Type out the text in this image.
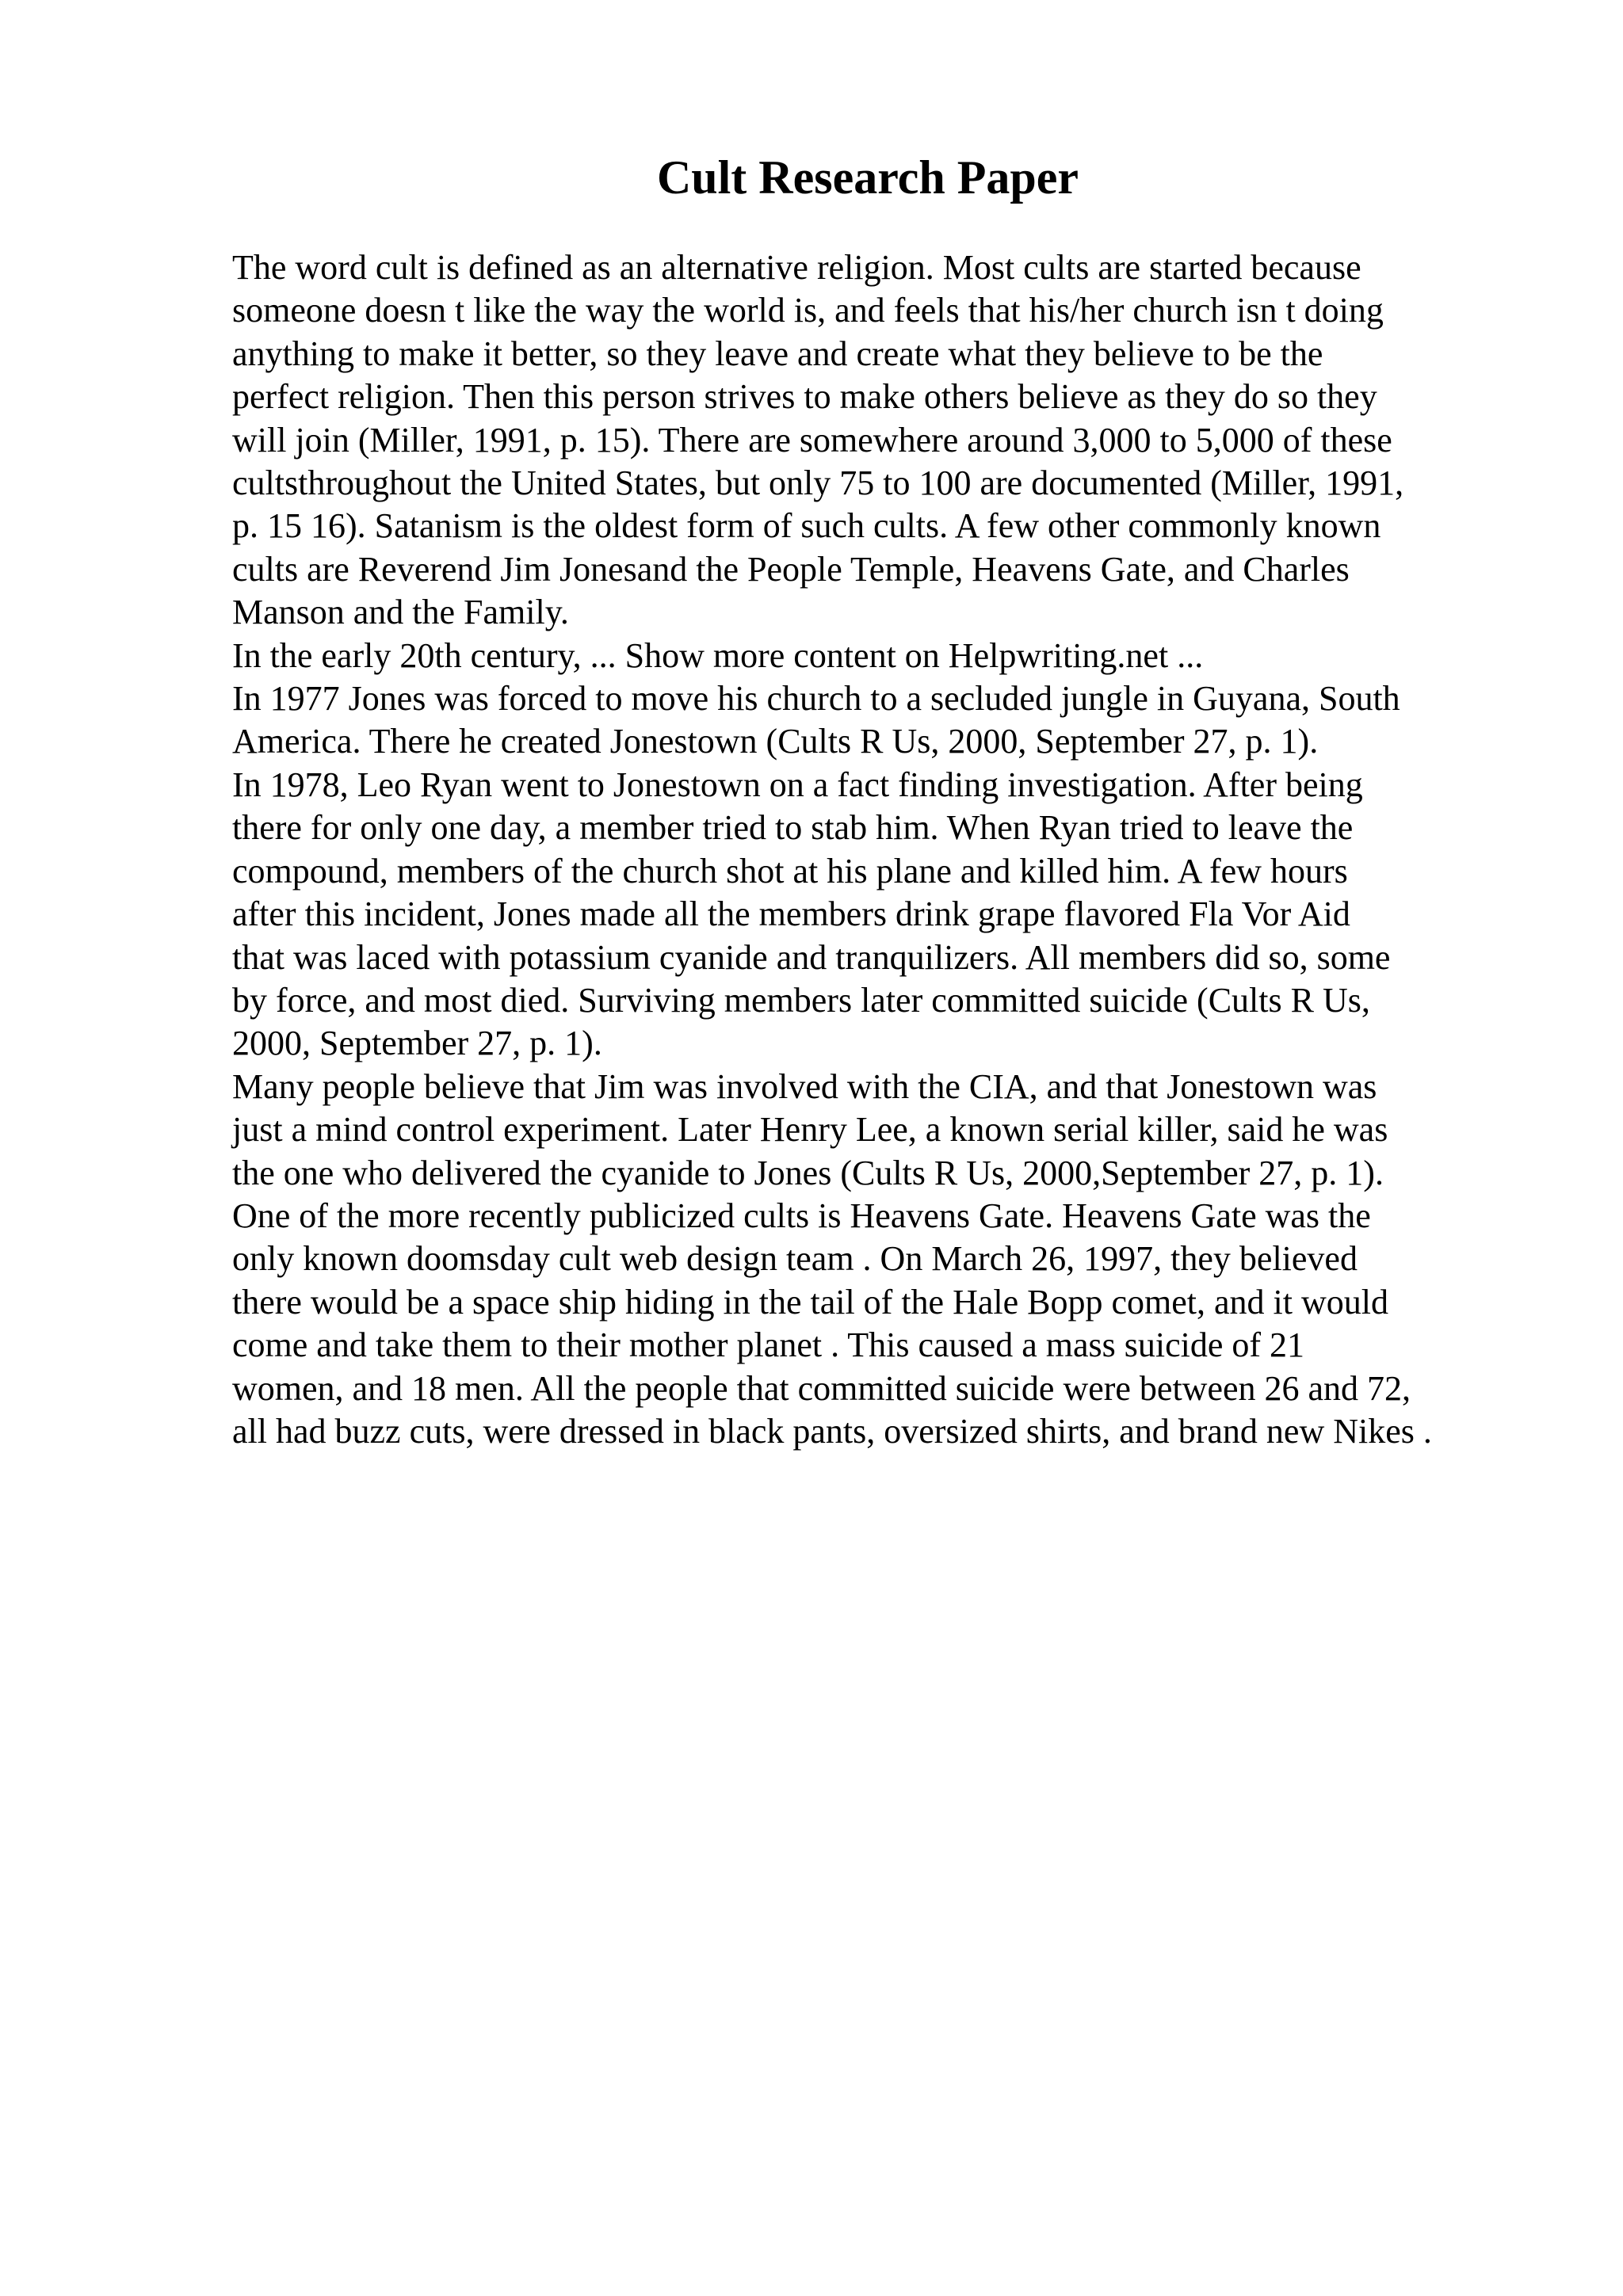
Cult Research Paper
The word cult is defined as an alternative religion. Most cults are started because
someone doesn t like the way the world is, and feels that his/her church isn t doing
anything to make it better, so they leave and create what they believe to be the
perfect religion. Then this person strives to make others believe as they do so they
will join (Miller, 1991, p. 15). There are somewhere around 3,000 to 5,000 of these
cultsthroughout the United States, but only 75 to 100 are documented (Miller, 1991,
p. 15 16). Satanism is the oldest form of such cults. A few other commonly known
cults are Reverend Jim Jonesand the People Temple, Heavens Gate, and Charles
Manson and the Family.
In the early 20th century, ... Show more content on Helpwriting.net ...
In 1977 Jones was forced to move his church to a secluded jungle in Guyana, South
America. There he created Jonestown (Cults R Us, 2000, September 27, p. 1).
In 1978, Leo Ryan went to Jonestown on a fact finding investigation. After being
there for only one day, a member tried to stab him. When Ryan tried to leave the
compound, members of the church shot at his plane and killed him. A few hours
after this incident, Jones made all the members drink grape flavored Fla Vor Aid
that was laced with potassium cyanide and tranquilizers. All members did so, some
by force, and most died. Surviving members later committed suicide (Cults R Us,
2000, September 27, p. 1).
Many people believe that Jim was involved with the CIA, and that Jonestown was
just a mind control experiment. Later Henry Lee, a known serial killer, said he was
the one who delivered the cyanide to Jones (Cults R Us, 2000,September 27, p. 1).
One of the more recently publicized cults is Heavens Gate. Heavens Gate was the
only known doomsday cult web design team . On March 26, 1997, they believed
there would be a space ship hiding in the tail of the Hale Bopp comet, and it would
come and take them to their mother planet . This caused a mass suicide of 21
women, and 18 men. All the people that committed suicide were between 26 and 72,
all had buzz cuts, were dressed in black pants, oversized shirts, and brand new Nikes .
